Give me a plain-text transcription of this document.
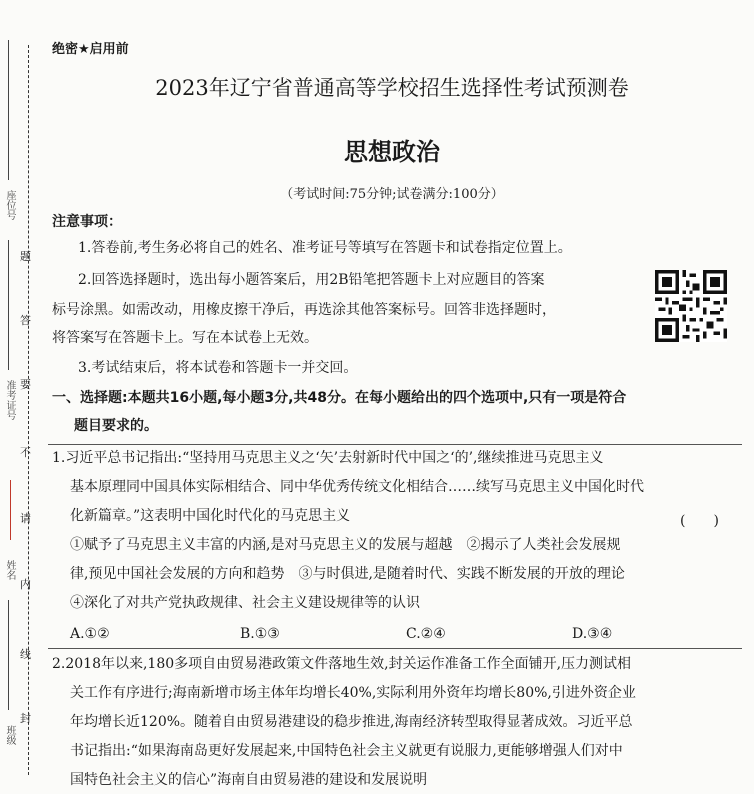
题
答
要
不
请
内
线
封
座位号
准考证号
姓名
班级
绝密★启用前
2023年辽宁省普通高等学校招生选择性考试预测卷
思想政治
（考试时间:75分钟;试卷满分:100分）
注意事项：
1.答卷前,考生务必将自己的姓名、准考证号等填写在答题卡和试卷指定位置上。
2.回答选择题时，选出每小题答案后，用2B铅笔把答题卡上对应题目的答案
标号涂黑。如需改动，用橡皮擦干净后，再选涂其他答案标号。回答非选择题时，
将答案写在答题卡上。写在本试卷上无效。
3.考试结束后，将本试卷和答题卡一并交回。
一、选择题:本题共16小题,每小题3分,共48分。在每小题给出的四个选项中,只有一项是符合
题目要求的。
1.习近平总书记指出:“坚持用马克思主义之‘矢’去射新时代中国之‘的’,继续推进马克思主义
基本原理同中国具体实际相结合、同中华优秀传统文化相结合……续写马克思主义中国化时代
化新篇章。”这表明中国化时代化的马克思主义	(　　)
①赋予了马克思主义丰富的内涵,是对马克思主义的发展与超越　②揭示了人类社会发展规
律,预见中国社会发展的方向和趋势　③与时俱进,是随着时代、实践不断发展的开放的理论
④深化了对共产党执政规律、社会主义建设规律等的认识
A.①②	B.①③	C.②④	D.③④
2.2018年以来,180多项自由贸易港政策文件落地生效,封关运作准备工作全面铺开,压力测试相
关工作有序进行;海南新增市场主体年均增长40%,实际利用外资年均增长80%,引进外资企业
年均增长近120%。随着自由贸易港建设的稳步推进,海南经济转型取得显著成效。习近平总
书记指出:“如果海南岛更好发展起来,中国特色社会主义就更有说服力,更能够增强人们对中
国特色社会主义的信心”海南自由贸易港的建设和发展说明
